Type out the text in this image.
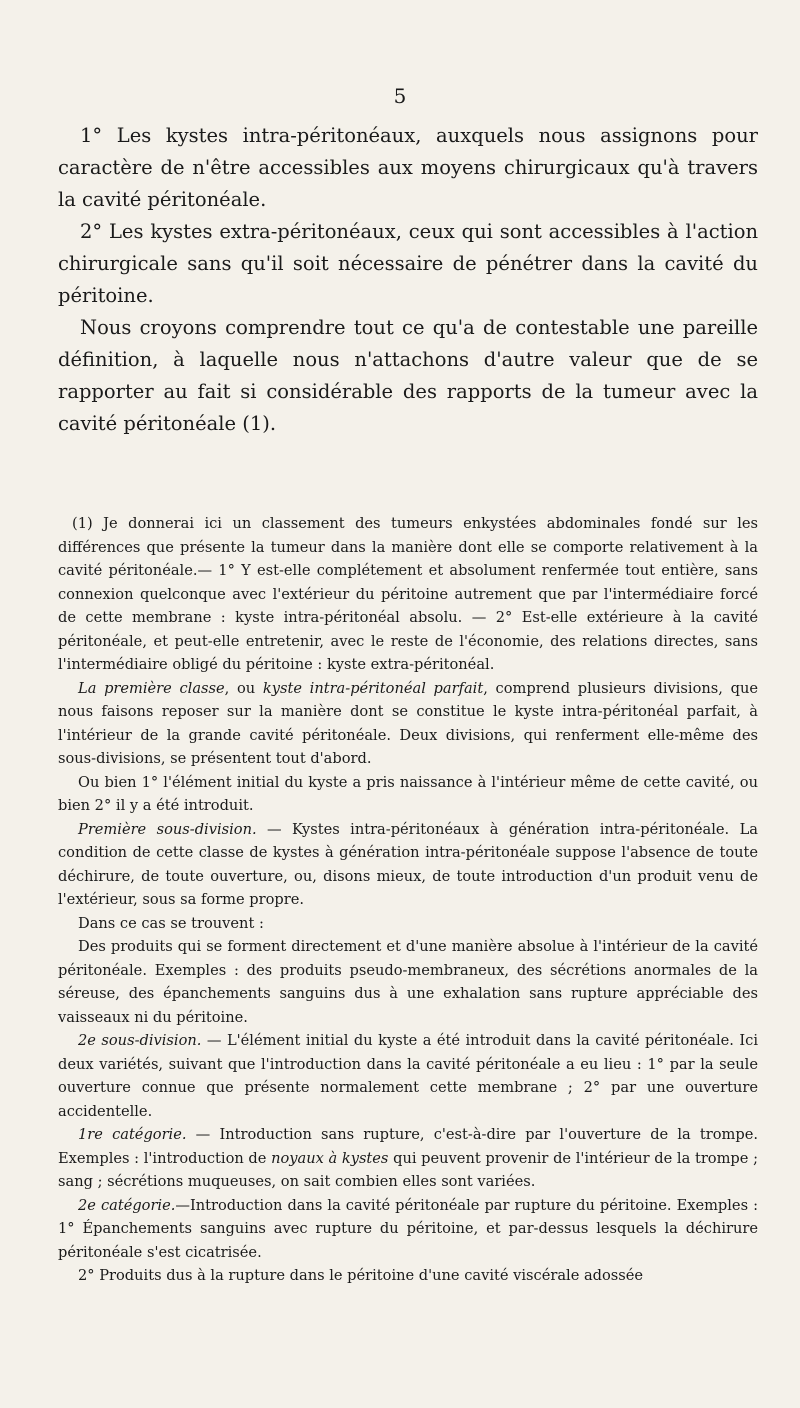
5

1° Les kystes intra-péritonéaux, auxquels nous assignons pour caractère de n'être accessibles aux moyens chirurgicaux qu'à travers la cavité péritonéale.

2° Les kystes extra-péritonéaux, ceux qui sont accessibles à l'action chirurgicale sans qu'il soit nécessaire de pénétrer dans la cavité du péritoine.

Nous croyons comprendre tout ce qu'a de contestable une pareille définition, à laquelle nous n'attachons d'autre valeur que de se rapporter au fait si considérable des rapports de la tumeur avec la cavité péritonéale (1).

(1) Je donnerai ici un classement des tumeurs enkystées abdominales fondé sur les différences que présente la tumeur dans la manière dont elle se comporte relativement à la cavité péritonéale.— 1° Y est-elle complétement et absolument renfermée tout entière, sans connexion quelconque avec l'extérieur du péritoine autrement que par l'intermédiaire forcé de cette membrane : kyste intra-péritonéal absolu. — 2° Est-elle extérieure à la cavité péritonéale, et peut-elle entretenir, avec le reste de l'économie, des relations directes, sans l'intermédiaire obligé du péritoine : kyste extra-péritonéal.

La première classe, ou kyste intra-péritonéal parfait, comprend plusieurs divisions, que nous faisons reposer sur la manière dont se constitue le kyste intra-péritonéal parfait, à l'intérieur de la grande cavité péritonéale. Deux divisions, qui renferment elle-même des sous-divisions, se présentent tout d'abord.

Ou bien 1° l'élément initial du kyste a pris naissance à l'intérieur même de cette cavité, ou bien 2° il y a été introduit.

Première sous-division. — Kystes intra-péritonéaux à génération intra-péritonéale. La condition de cette classe de kystes à génération intra-péritonéale suppose l'absence de toute déchirure, de toute ouverture, ou, disons mieux, de toute introduction d'un produit venu de l'extérieur, sous sa forme propre.

Dans ce cas se trouvent :

Des produits qui se forment directement et d'une manière absolue à l'intérieur de la cavité péritonéale. Exemples : des produits pseudo-membraneux, des sécrétions anormales de la séreuse, des épanchements sanguins dus à une exhalation sans rupture appréciable des vaisseaux ni du péritoine.

2e sous-division. — L'élément initial du kyste a été introduit dans la cavité péritonéale. Ici deux variétés, suivant que l'introduction dans la cavité péritonéale a eu lieu : 1° par la seule ouverture connue que présente normalement cette membrane ; 2° par une ouverture accidentelle.

1re catégorie. — Introduction sans rupture, c'est-à-dire par l'ouverture de la trompe. Exemples : l'introduction de noyaux à kystes qui peuvent provenir de l'intérieur de la trompe ; sang ; sécrétions muqueuses, on sait combien elles sont variées.

2e catégorie.—Introduction dans la cavité péritonéale par rupture du péritoine. Exemples : 1° Épanchements sanguins avec rupture du péritoine, et par-dessus lesquels la déchirure péritonéale s'est cicatrisée.

2° Produits dus à la rupture dans le péritoine d'une cavité viscérale adossée
